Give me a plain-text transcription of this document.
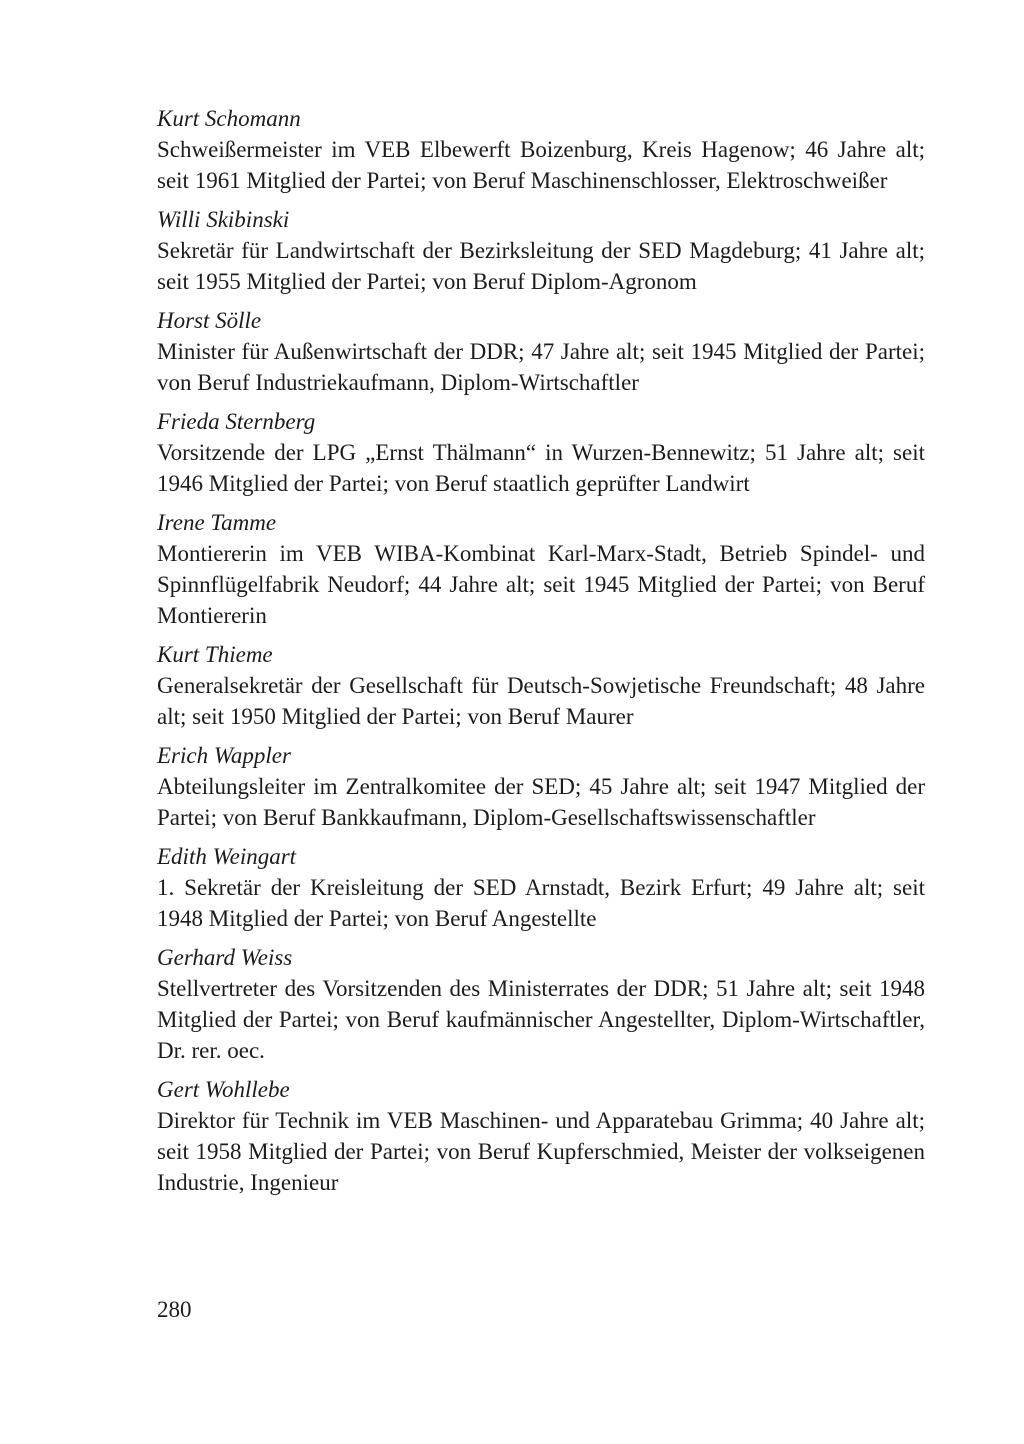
Kurt Schomann
Schweißermeister im VEB Elbewerft Boizenburg, Kreis Hagenow; 46 Jahre alt; seit 1961 Mitglied der Partei; von Beruf Maschinenschlosser, Elektroschweißer
Willi Skibinski
Sekretär für Landwirtschaft der Bezirksleitung der SED Magdeburg; 41 Jahre alt; seit 1955 Mitglied der Partei; von Beruf Diplom-Agronom
Horst Sölle
Minister für Außenwirtschaft der DDR; 47 Jahre alt; seit 1945 Mitglied der Partei; von Beruf Industriekaufmann, Diplom-Wirtschaftler
Frieda Sternberg
Vorsitzende der LPG „Ernst Thälmann“ in Wurzen-Bennewitz; 51 Jahre alt; seit 1946 Mitglied der Partei; von Beruf staatlich geprüfter Landwirt
Irene Tamme
Montiererin im VEB WIBA-Kombinat Karl-Marx-Stadt, Betrieb Spindel- und Spinnflügelfabrik Neudorf; 44 Jahre alt; seit 1945 Mitglied der Partei; von Beruf Montiererin
Kurt Thieme
Generalsekretär der Gesellschaft für Deutsch-Sowjetische Freundschaft; 48 Jahre alt; seit 1950 Mitglied der Partei; von Beruf Maurer
Erich Wappler
Abteilungsleiter im Zentralkomitee der SED; 45 Jahre alt; seit 1947 Mitglied der Partei; von Beruf Bankkaufmann, Diplom-Gesellschaftswissenschaftler
Edith Weingart
1. Sekretär der Kreisleitung der SED Arnstadt, Bezirk Erfurt; 49 Jahre alt; seit 1948 Mitglied der Partei; von Beruf Angestellte
Gerhard Weiss
Stellvertreter des Vorsitzenden des Ministerrates der DDR; 51 Jahre alt; seit 1948 Mitglied der Partei; von Beruf kaufmännischer Angestellter, Diplom-Wirtschaftler, Dr. rer. oec.
Gert Wohllebe
Direktor für Technik im VEB Maschinen- und Apparatebau Grimma; 40 Jahre alt; seit 1958 Mitglied der Partei; von Beruf Kupferschmied, Meister der volkseigenen Industrie, Ingenieur
280
